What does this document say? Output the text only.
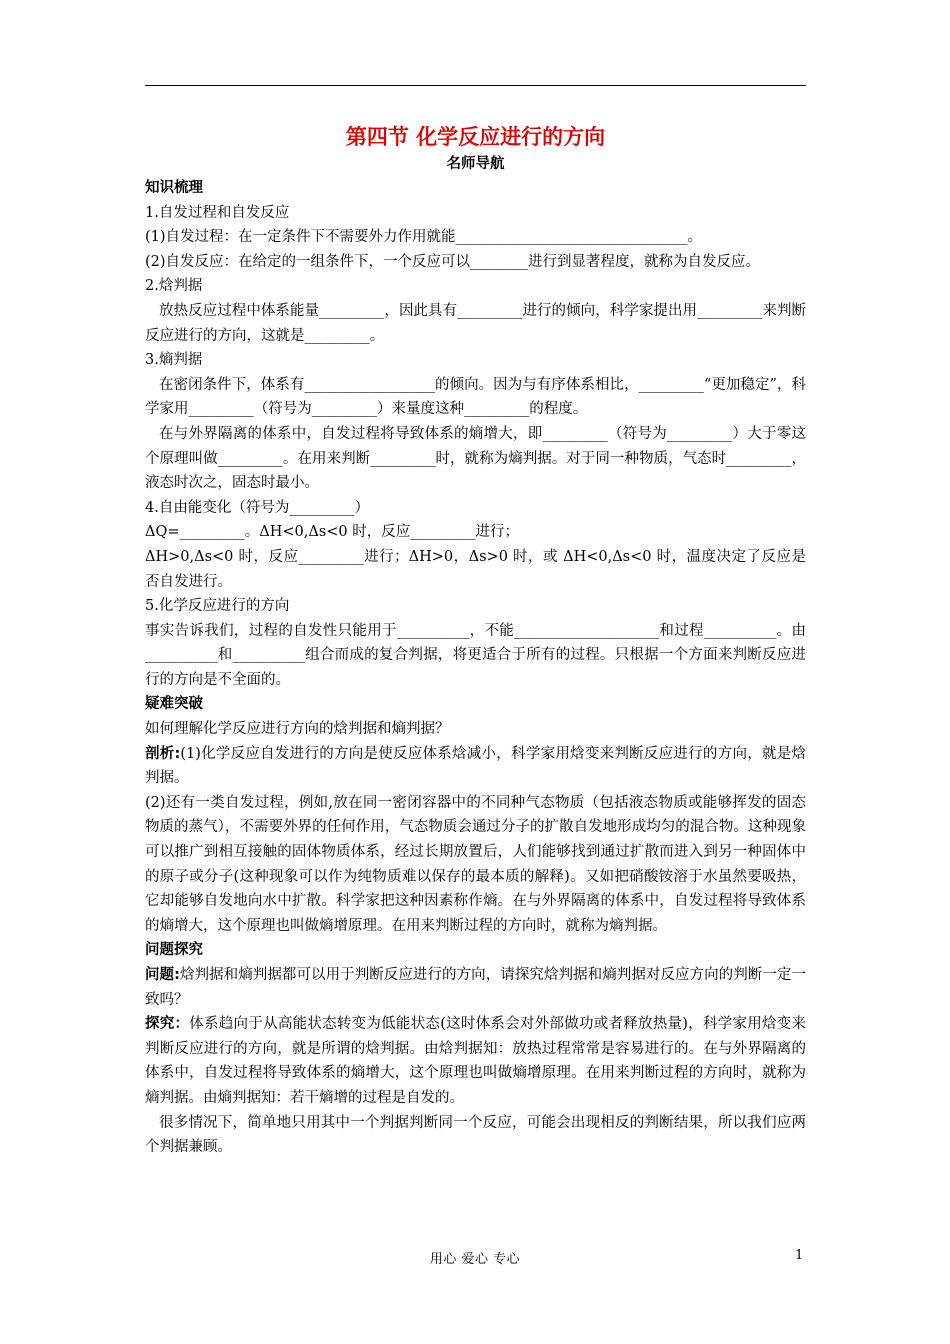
第四节 化学反应进行的方向
名师导航

知识梳理

1.自发过程和自发反应

(1)自发过程：在一定条件下不需要外力作用就能________________________________。

(2)自发反应：在给定的一组条件下，一个反应可以________进行到显著程度，就称为自发反应。

2.焓判据

放热反应过程中体系能量_________，因此具有_________进行的倾向，科学家提出用_________来判断反应进行的方向，这就是_________。

3.熵判据

在密闭条件下，体系有__________________的倾向。因为与有序体系相比，_________“更加稳定”，科学家用_________（符号为_________）来量度这种_________的程度。

在与外界隔离的体系中，自发过程将导致体系的熵增大，即_________（符号为_________）大于零这个原理叫做_________。在用来判断_________时，就称为熵判据。对于同一种物质，气态时_________，液态时次之，固态时最小。

4.自由能变化（符号为_________）

ΔQ=_________。ΔH<0,Δs<0 时，反应_________进行；

ΔH>0,Δs<0 时，反应_________进行；ΔH>0，Δs>0 时，或 ΔH<0,Δs<0 时，温度决定了反应是否自发进行。

5.化学反应进行的方向

事实告诉我们，过程的自发性只能用于__________，不能____________________和过程__________。由__________和__________组合而成的复合判据，将更适合于所有的过程。只根据一个方面来判断反应进行的方向是不全面的。

疑难突破

如何理解化学反应进行方向的焓判据和熵判据？

剖析:(1)化学反应自发进行的方向是使反应体系焓减小，科学家用焓变来判断反应进行的方向，就是焓判据。

(2)还有一类自发过程，例如,放在同一密闭容器中的不同种气态物质（包括液态物质或能够挥发的固态物质的蒸气），不需要外界的任何作用，气态物质会通过分子的扩散自发地形成均匀的混合物。这种现象可以推广到相互接触的固体物质体系，经过长期放置后，人们能够找到通过扩散而进入到另一种固体中的原子或分子(这种现象可以作为纯物质难以保存的最本质的解释)。又如把硝酸铵溶于水虽然要吸热，它却能够自发地向水中扩散。科学家把这种因素称作熵。在与外界隔离的体系中，自发过程将导致体系的熵增大，这个原理也叫做熵增原理。在用来判断过程的方向时，就称为熵判据。

问题探究

问题:焓判据和熵判据都可以用于判断反应进行的方向，请探究焓判据和熵判据对反应方向的判断一定一致吗？

探究：体系趋向于从高能状态转变为低能状态(这时体系会对外部做功或者释放热量)，科学家用焓变来判断反应进行的方向，就是所谓的焓判据。由焓判据知：放热过程常常是容易进行的。在与外界隔离的体系中，自发过程将导致体系的熵增大，这个原理也叫做熵增原理。在用来判断过程的方向时，就称为熵判据。由熵判据知：若干熵增的过程是自发的。

很多情况下，简单地只用其中一个判据判断同一个反应，可能会出现相反的判断结果，所以我们应两个判据兼顾。

用心 爱心 专心	1
